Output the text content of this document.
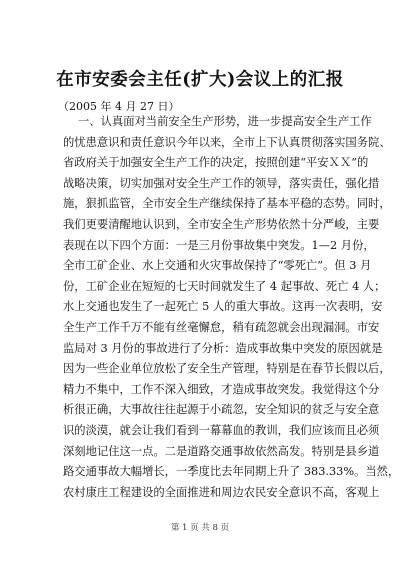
在市安委会主任(扩大)会议上的汇报
（2005 年 4 月 27 日）
一、认真面对当前安全生产形势，进一步提高安全生产工作
的忧患意识和责任意识今年以来，全市上下认真贯彻落实国务院、
省政府关于加强安全生产工作的决定，按照创建“平安ＸＸ”的
战略决策，切实加强对安全生产工作的领导，落实责任，强化措
施，狠抓监管，全市安全生产继续保持了基本平稳的态势。同时，
我们更要清醒地认识到，全市安全生产形势依然十分严峻，主要
表现在以下四个方面：一是三月份事故集中突发。1—2 月份，
全市工矿企业、水上交通和火灾事故保持了“零死亡”。但 3 月
份，工矿企业在短短的七天时间就发生了 4 起事故、死亡 4 人；
水上交通也发生了一起死亡 5 人的重大事故。这再一次表明，安
全生产工作千万不能有丝毫懈怠，稍有疏忽就会出现漏洞。市安
监局对 3 月份的事故进行了分析：造成事故集中突发的原因就是
因为一些企业单位放松了安全生产管理，特别是在春节长假以后，
精力不集中，工作不深入细致，才造成事故突发。我觉得这个分
析很正确，大事故往往起源于小疏忽，安全知识的贫乏与安全意
识的淡漠，就会让我们看到一幕幕血的教训，我们应该而且必须
深刻地记住这一点。二是道路交通事故依然高发。特别是县乡道
路交通事故大幅增长，一季度比去年同期上升了 383.33%。当然，
农村康庄工程建设的全面推进和周边农民安全意识不高，客观上
第 1 页 共 8 页
